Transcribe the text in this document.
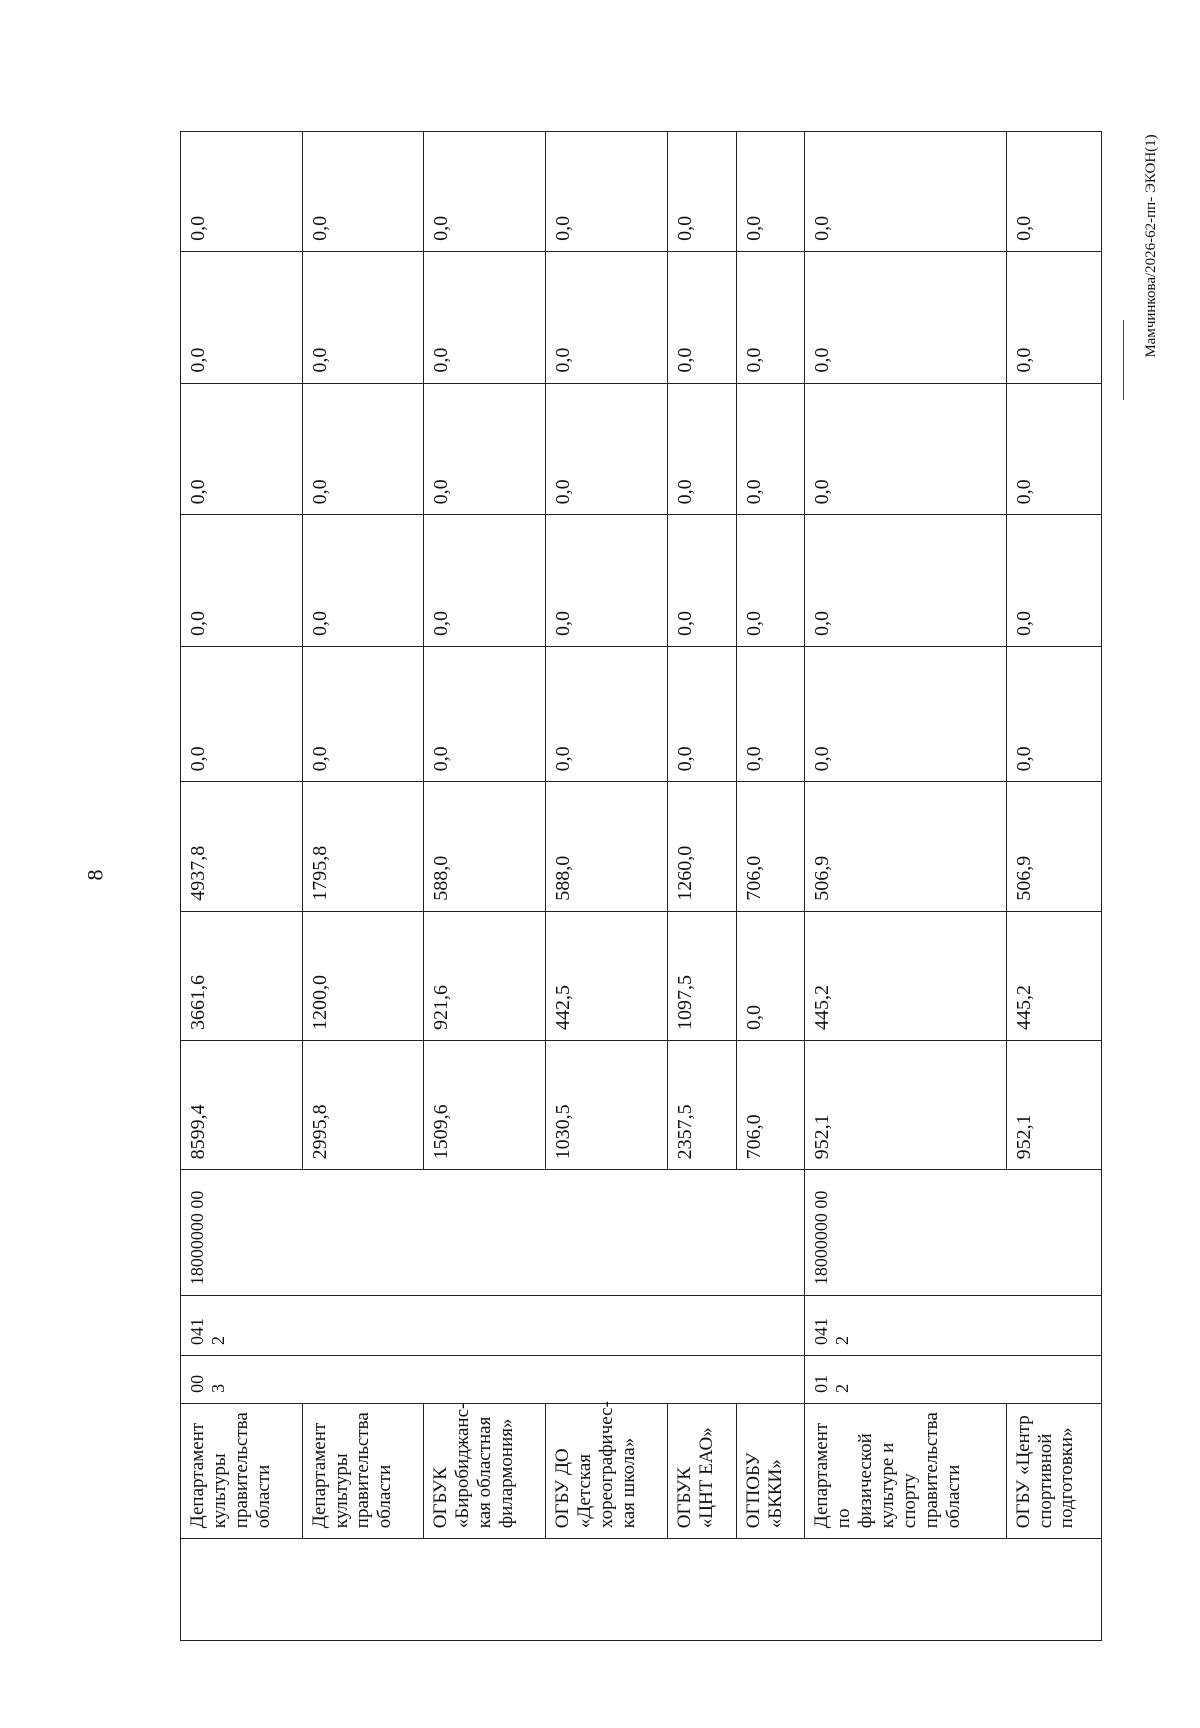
8
Мамчинкова/2026-62-пп- ЭКОН(1)
	Департамент культуры правительства области	00 3	041 2	18000000 00	8599,4	3661,6	4937,8	0,0	0,0	0,0	0,0	0,0
	Департамент культуры правительства области				2995,8	1200,0	1795,8	0,0	0,0	0,0	0,0	0,0
	ОГБУК «Биробиджанс-кая областная филармония»				1509,6	921,6	588,0	0,0	0,0	0,0	0,0	0,0
	ОГБУ ДО «Детская хореографичес-кая школа»				1030,5	442,5	588,0	0,0	0,0	0,0	0,0	0,0
	ОГБУК «ЦНТ ЕАО»				2357,5	1097,5	1260,0	0,0	0,0	0,0	0,0	0,0
	ОГПОБУ «БККИ»				706,0	0,0	706,0	0,0	0,0	0,0	0,0	0,0
	Департамент по физической культуре и спорту правительства области	01 2	041 2	18000000 00	952,1	445,2	506,9	0,0	0,0	0,0	0,0	0,0
	ОГБУ «Центр спортивной подготовки»				952,1	445,2	506,9	0,0	0,0	0,0	0,0	0,0
